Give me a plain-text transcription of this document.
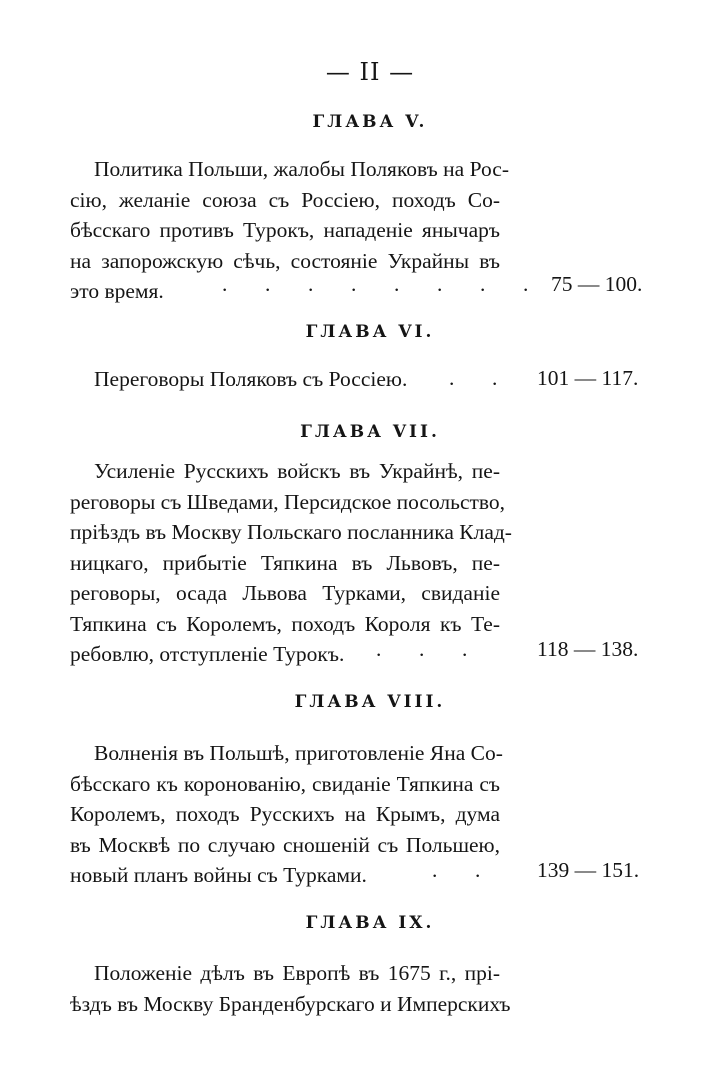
— II —
ГЛАВА V.
Политика Польши, жалобы Поляковъ на Рос-
сію, желаніе союза съ Россіею, походъ Со-
бѣсскаго противъ Турокъ, нападеніе янычаръ
на запорожскую сѣчь, состояніе Украйны въ
это время.	.       .       .       .       .       .       .       . 75 — 100.
ГЛАВА VI.
Переговоры Поляковъ съ Россіею.	.       . 101 — 117.
ГЛАВА VII.
Усиленіе Русскихъ войскъ въ Украйнѣ, пе-
реговоры съ Шведами, Персидское посольство,
пріѣздъ въ Москву Польскаго посланника Клад-
ницкаго, прибытіе Тяпкина въ Львовъ, пе-
реговоры, осада Львова Турками, свиданіе
Тяпкина съ Королемъ, походъ Короля къ Те-
ребовлю, отступленіе Турокъ.	.       .       .	118 — 138.
ГЛАВА VIII.
Волненія въ Польшѣ, приготовленіе Яна Со-
бѣсскаго къ коронованію, свиданіе Тяпкина съ
Королемъ, походъ Русскихъ на Крымъ, дума
въ Москвѣ по случаю сношеній съ Польшею,
новый планъ войны съ Турками.	.       .	139 — 151.
ГЛАВА IX.
Положеніе дѣлъ въ Европѣ въ 1675 г., прі-
ѣздъ въ Москву Бранденбурскаго и Имперскихъ
